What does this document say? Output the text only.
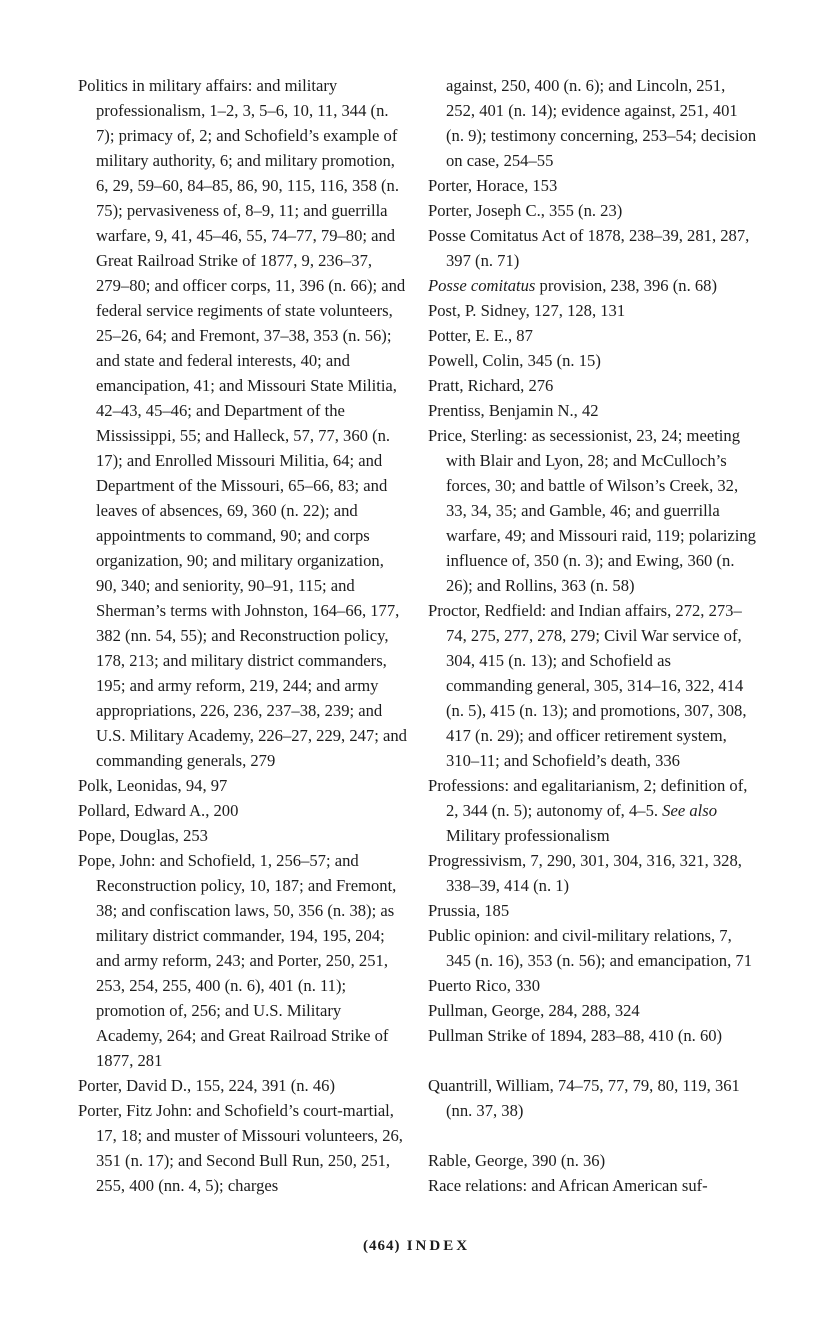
Politics in military affairs: and military professionalism, 1–2, 3, 5–6, 10, 11, 344 (n. 7); primacy of, 2; and Schofield’s example of military authority, 6; and military promotion, 6, 29, 59–60, 84–85, 86, 90, 115, 116, 358 (n. 75); pervasiveness of, 8–9, 11; and guerrilla warfare, 9, 41, 45–46, 55, 74–77, 79–80; and Great Railroad Strike of 1877, 9, 236–37, 279–80; and officer corps, 11, 396 (n. 66); and federal service regiments of state volunteers, 25–26, 64; and Fremont, 37–38, 353 (n. 56); and state and federal interests, 40; and emancipation, 41; and Missouri State Militia, 42–43, 45–46; and Department of the Mississippi, 55; and Halleck, 57, 77, 360 (n. 17); and Enrolled Missouri Militia, 64; and Department of the Missouri, 65–66, 83; and leaves of absences, 69, 360 (n. 22); and appointments to command, 90; and corps organization, 90; and military organization, 90, 340; and seniority, 90–91, 115; and Sherman’s terms with Johnston, 164–66, 177, 382 (nn. 54, 55); and Reconstruction policy, 178, 213; and military district commanders, 195; and army reform, 219, 244; and army appropriations, 226, 236, 237–38, 239; and U.S. Military Academy, 226–27, 229, 247; and commanding generals, 279

Polk, Leonidas, 94, 97

Pollard, Edward A., 200

Pope, Douglas, 253

Pope, John: and Schofield, 1, 256–57; and Reconstruction policy, 10, 187; and Fremont, 38; and confiscation laws, 50, 356 (n. 38); as military district commander, 194, 195, 204; and army reform, 243; and Porter, 250, 251, 253, 254, 255, 400 (n. 6), 401 (n. 11); promotion of, 256; and U.S. Military Academy, 264; and Great Railroad Strike of 1877, 281

Porter, David D., 155, 224, 391 (n. 46)

Porter, Fitz John: and Schofield’s court-martial, 17, 18; and muster of Missouri volunteers, 26, 351 (n. 17); and Second Bull Run, 250, 251, 255, 400 (nn. 4, 5); charges

against, 250, 400 (n. 6); and Lincoln, 251, 252, 401 (n. 14); evidence against, 251, 401 (n. 9); testimony concerning, 253–54; decision on case, 254–55

Porter, Horace, 153

Porter, Joseph C., 355 (n. 23)

Posse Comitatus Act of 1878, 238–39, 281, 287, 397 (n. 71)

Posse comitatus provision, 238, 396 (n. 68)

Post, P. Sidney, 127, 128, 131

Potter, E. E., 87

Powell, Colin, 345 (n. 15)

Pratt, Richard, 276

Prentiss, Benjamin N., 42

Price, Sterling: as secessionist, 23, 24; meeting with Blair and Lyon, 28; and McCulloch’s forces, 30; and battle of Wilson’s Creek, 32, 33, 34, 35; and Gamble, 46; and guerrilla warfare, 49; and Missouri raid, 119; polarizing influence of, 350 (n. 3); and Ewing, 360 (n. 26); and Rollins, 363 (n. 58)

Proctor, Redfield: and Indian affairs, 272, 273–74, 275, 277, 278, 279; Civil War service of, 304, 415 (n. 13); and Schofield as commanding general, 305, 314–16, 322, 414 (n. 5), 415 (n. 13); and promotions, 307, 308, 417 (n. 29); and officer retirement system, 310–11; and Schofield’s death, 336

Professions: and egalitarianism, 2; definition of, 2, 344 (n. 5); autonomy of, 4–5. See also Military professionalism

Progressivism, 7, 290, 301, 304, 316, 321, 328, 338–39, 414 (n. 1)

Prussia, 185

Public opinion: and civil-military relations, 7, 345 (n. 16), 353 (n. 56); and emancipation, 71

Puerto Rico, 330

Pullman, George, 284, 288, 324

Pullman Strike of 1894, 283–88, 410 (n. 60)

Quantrill, William, 74–75, 77, 79, 80, 119, 361 (nn. 37, 38)

Rable, George, 390 (n. 36)

Race relations: and African American suf-

(464) INDEX
